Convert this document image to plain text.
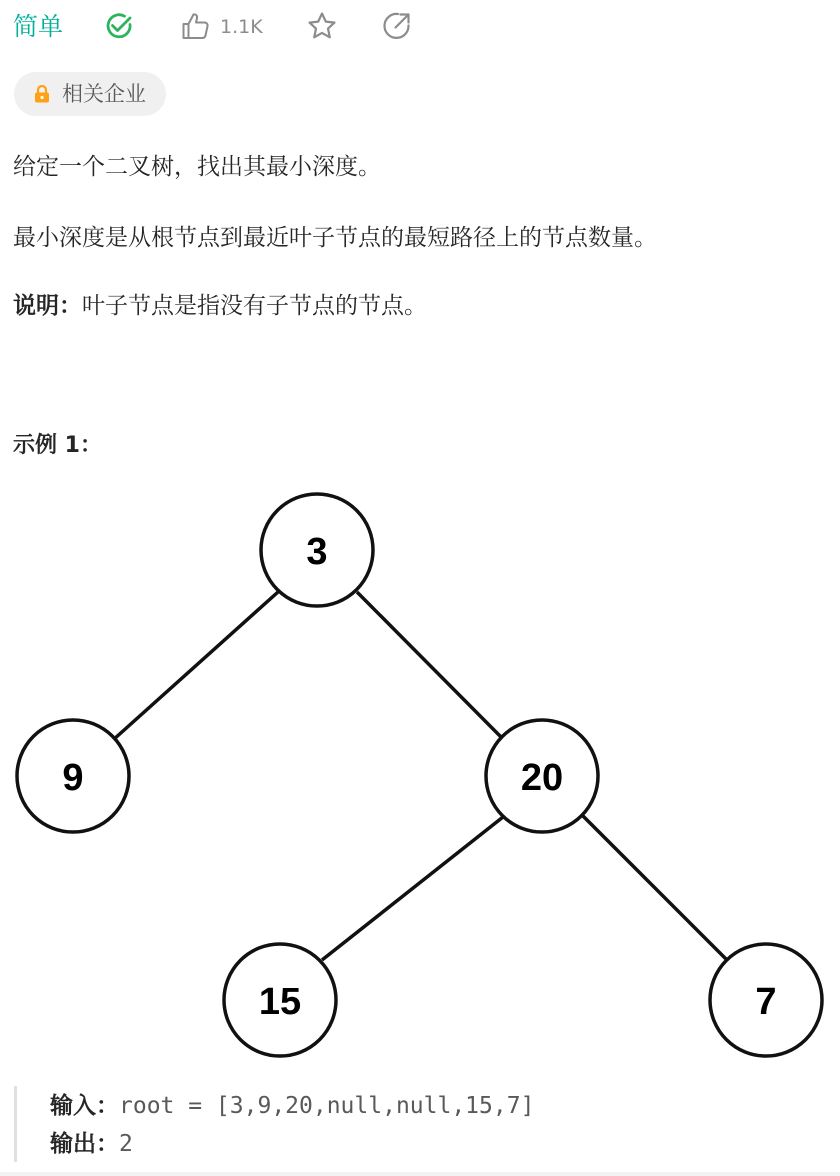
简单	1.1K
相关企业
给定一个二叉树，找出其最小深度。
最小深度是从根节点到最近叶子节点的最短路径上的节点数量。
说明：叶子节点是指没有子节点的节点。
示例 1：
3
9	20
15	7
输入：root = [3,9,20,null,null,15,7]
输出：2
